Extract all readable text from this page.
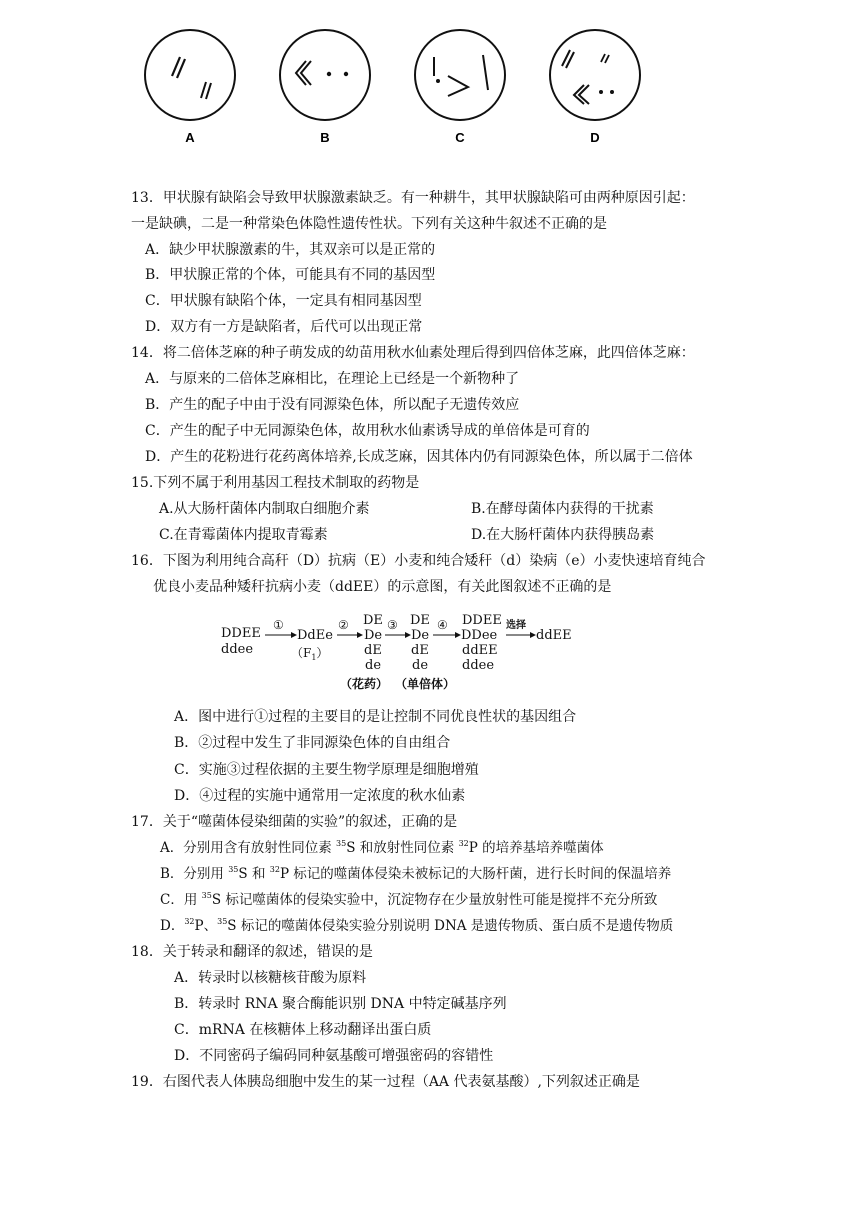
A	B	C	D
13．甲状腺有缺陷会导致甲状腺激素缺乏。有一种耕牛，其甲状腺缺陷可由两种原因引起：
一是缺碘，二是一种常染色体隐性遗传性状。下列有关这种牛叙述不正确的是
A．缺少甲状腺激素的牛，其双亲可以是正常的
B．甲状腺正常的个体，可能具有不同的基因型
C．甲状腺有缺陷个体，一定具有相同基因型
D．双方有一方是缺陷者，后代可以出现正常
14．将二倍体芝麻的种子萌发成的幼苗用秋水仙素处理后得到四倍体芝麻，此四倍体芝麻：
A．与原来的二倍体芝麻相比，在理论上已经是一个新物种了
B．产生的配子中由于没有同源染色体，所以配子无遗传效应
C．产生的配子中无同源染色体，故用秋水仙素诱导成的单倍体是可育的
D．产生的花粉进行花药离体培养,长成芝麻，因其体内仍有同源染色体，所以属于二倍体
15.下列不属于利用基因工程技术制取的药物是
A.从大肠杆菌体内制取白细胞介素	B.在酵母菌体内获得的干扰素
C.在青霉菌体内提取青霉素	D.在大肠杆菌体内获得胰岛素
16．下图为利用纯合高秆（D）抗病（E）小麦和纯合矮秆（d）染病（e）小麦快速培育纯合
优良小麦品种矮秆抗病小麦（ddEE）的示意图，有关此图叙述不正确的是
DDEE
ddee
①
DdEe
$(F_1)$
② DE
De
dE
de
③ DE
De
dE
de
④ DDEE
DDee
ddEE
ddee
选择
ddEE
（花药） （单倍体）
A．图中进行①过程的主要目的是让控制不同优良性状的基因组合
B．②过程中发生了非同源染色体的自由组合
C．实施③过程依据的主要生物学原理是细胞增殖
D．④过程的实施中通常用一定浓度的秋水仙素
17．关于“噬菌体侵染细菌的实验”的叙述，正确的是
A．分别用含有放射性同位素 $^{35}$S 和放射性同位素 $^{32}$P 的培养基培养噬菌体
B．分别用 $^{35}$S 和 $^{32}$P 标记的噬菌体侵染未被标记的大肠杆菌，进行长时间的保温培养
C．用 $^{35}$S 标记噬菌体的侵染实验中，沉淀物存在少量放射性可能是搅拌不充分所致
D．$^{32}$P、$^{35}$S 标记的噬菌体侵染实验分别说明 DNA 是遗传物质、蛋白质不是遗传物质
18．关于转录和翻译的叙述，错误的是
A．转录时以核糖核苷酸为原料
B．转录时 RNA 聚合酶能识别 DNA 中特定碱基序列
C．mRNA 在核糖体上移动翻译出蛋白质
D．不同密码子编码同种氨基酸可增强密码的容错性
19．右图代表人体胰岛细胞中发生的某一过程（AA 代表氨基酸）,下列叙述正确是
